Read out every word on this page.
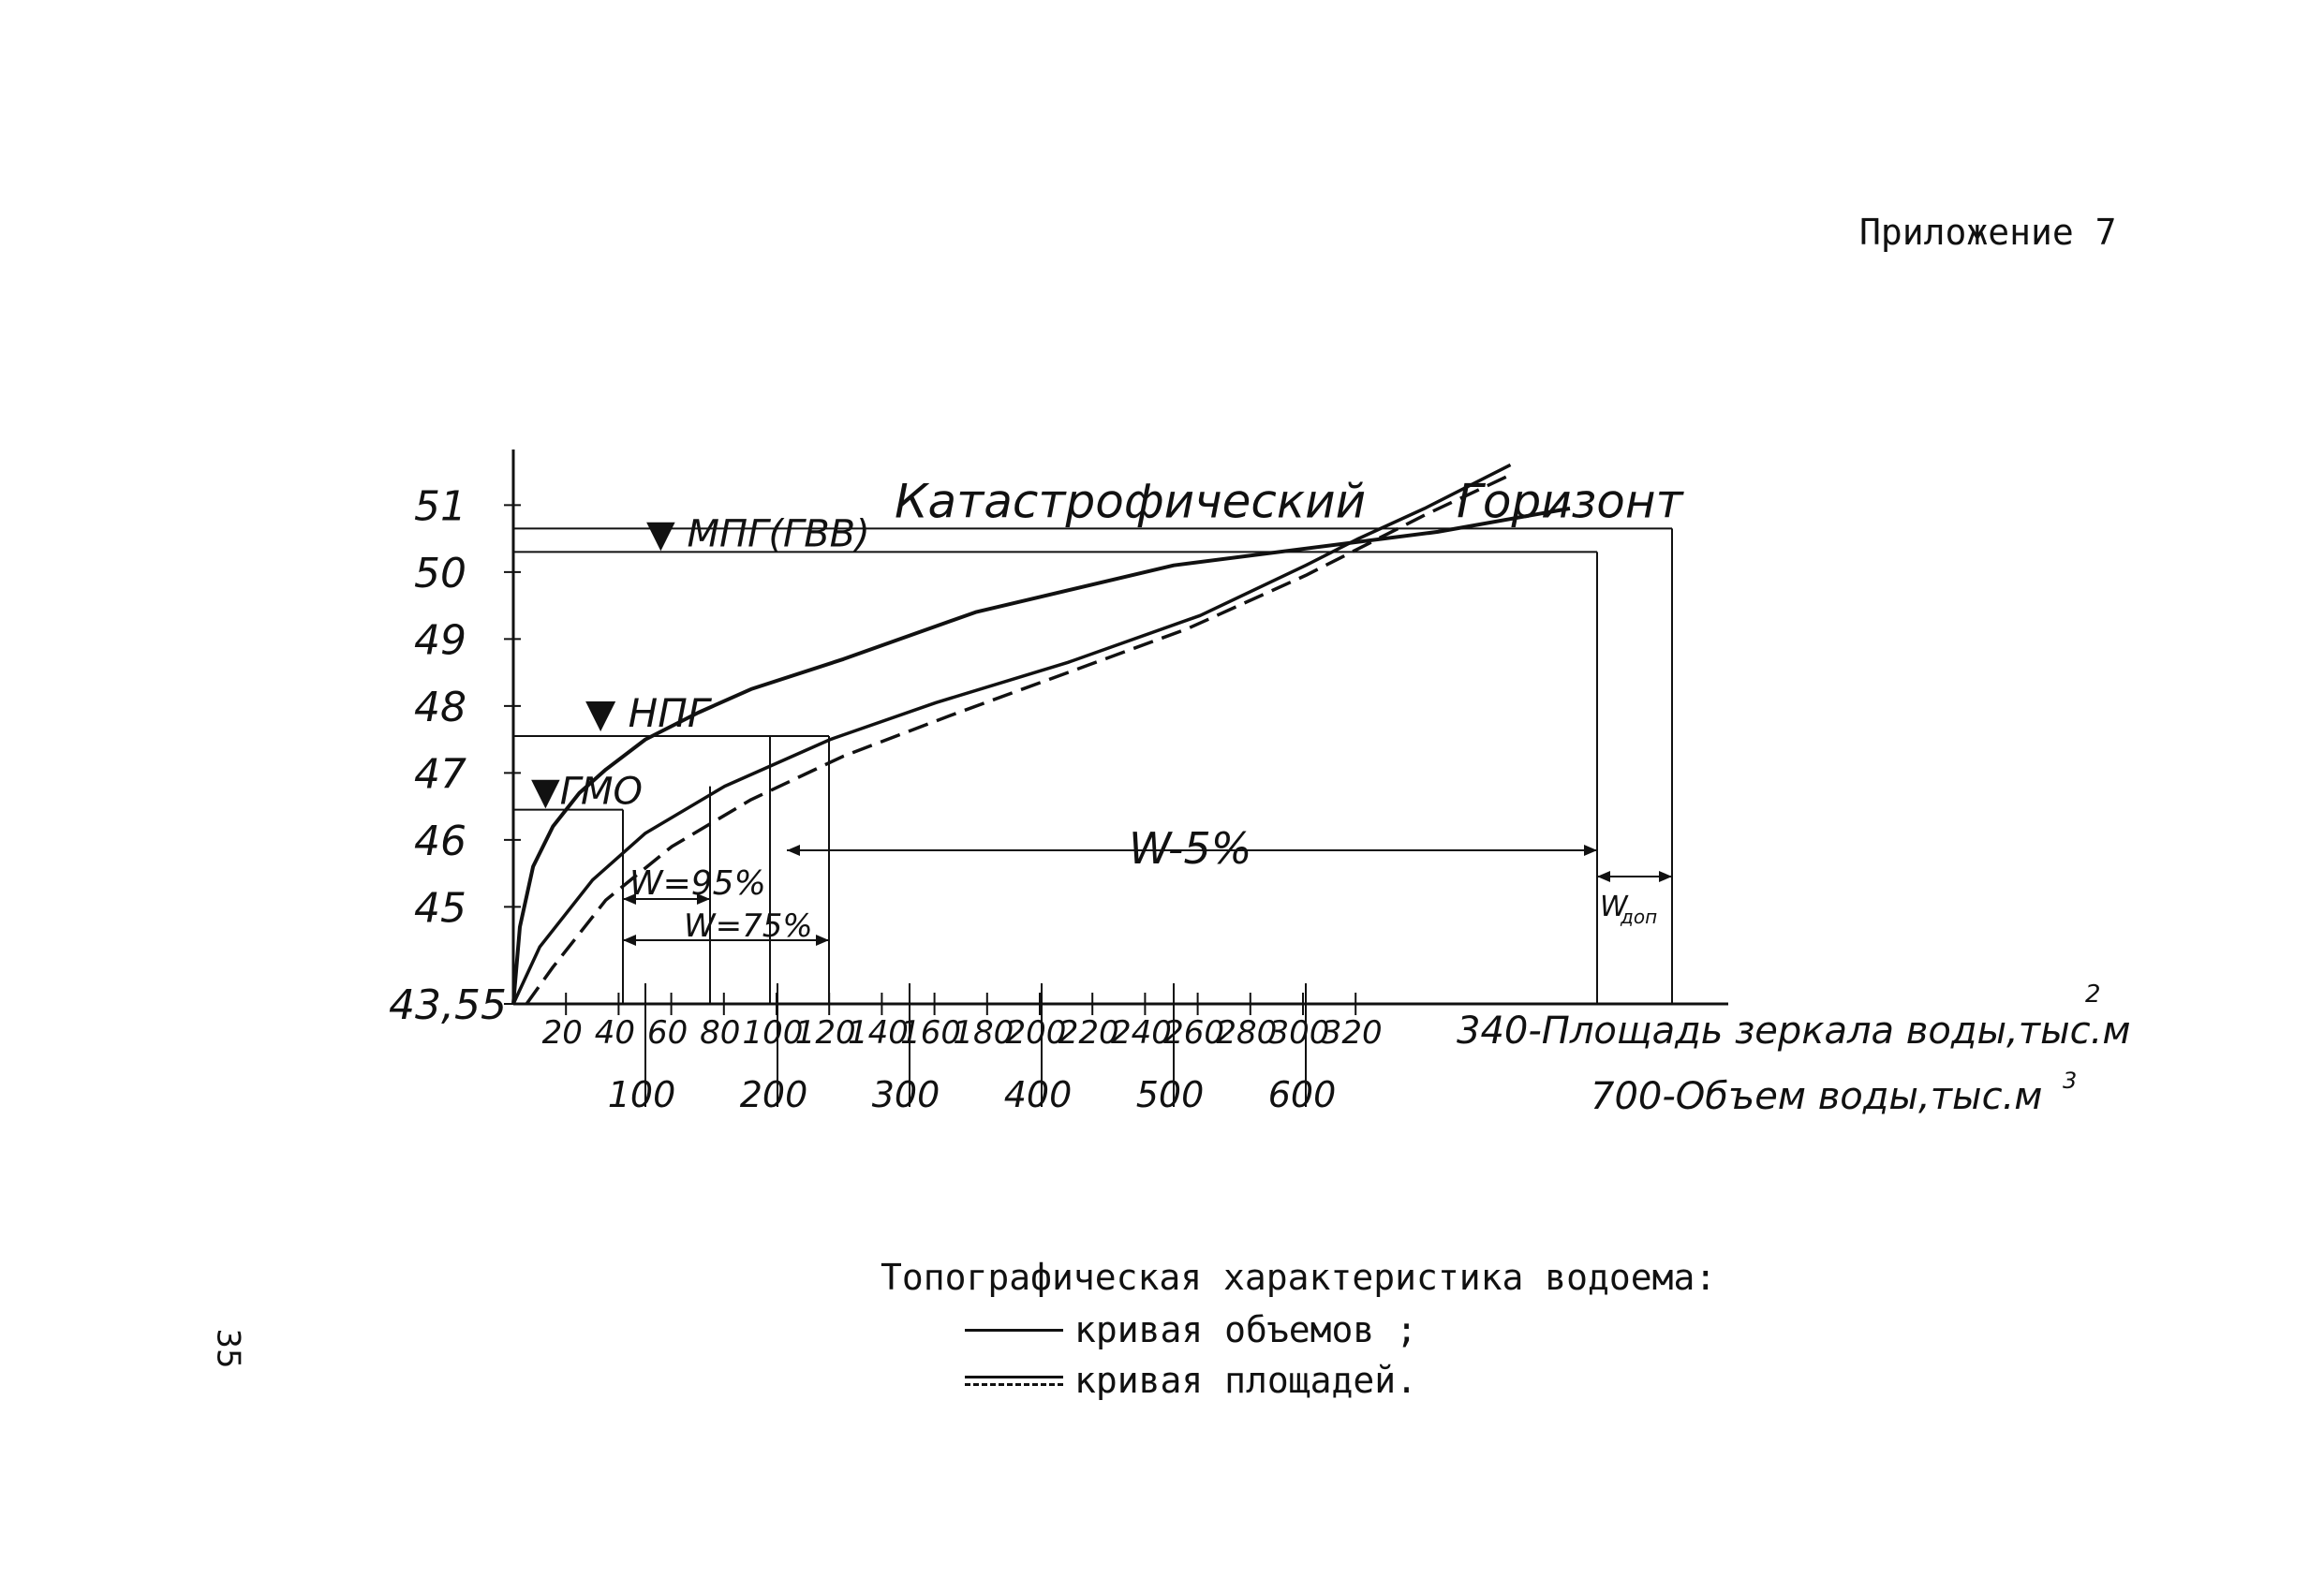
Приложение 7
W=95%
W=75%
W-5%
W
доп
51
50
49
48
47
46
45
43,55
20 40 60 80 100
120
140
160
180
200
220
240
260
280
300
320 340-Площадь зеркала воды,тыс.м
2
100 200 300 400 500 600	700-Объем воды,тыс.м 3
▼ МПГ(ГВВ)
Катастрофический Горизонт
▼ НПГ
▼ГМО
Топографическая характеристика водоема:
кривая объемов ;
кривая площадей.
35
